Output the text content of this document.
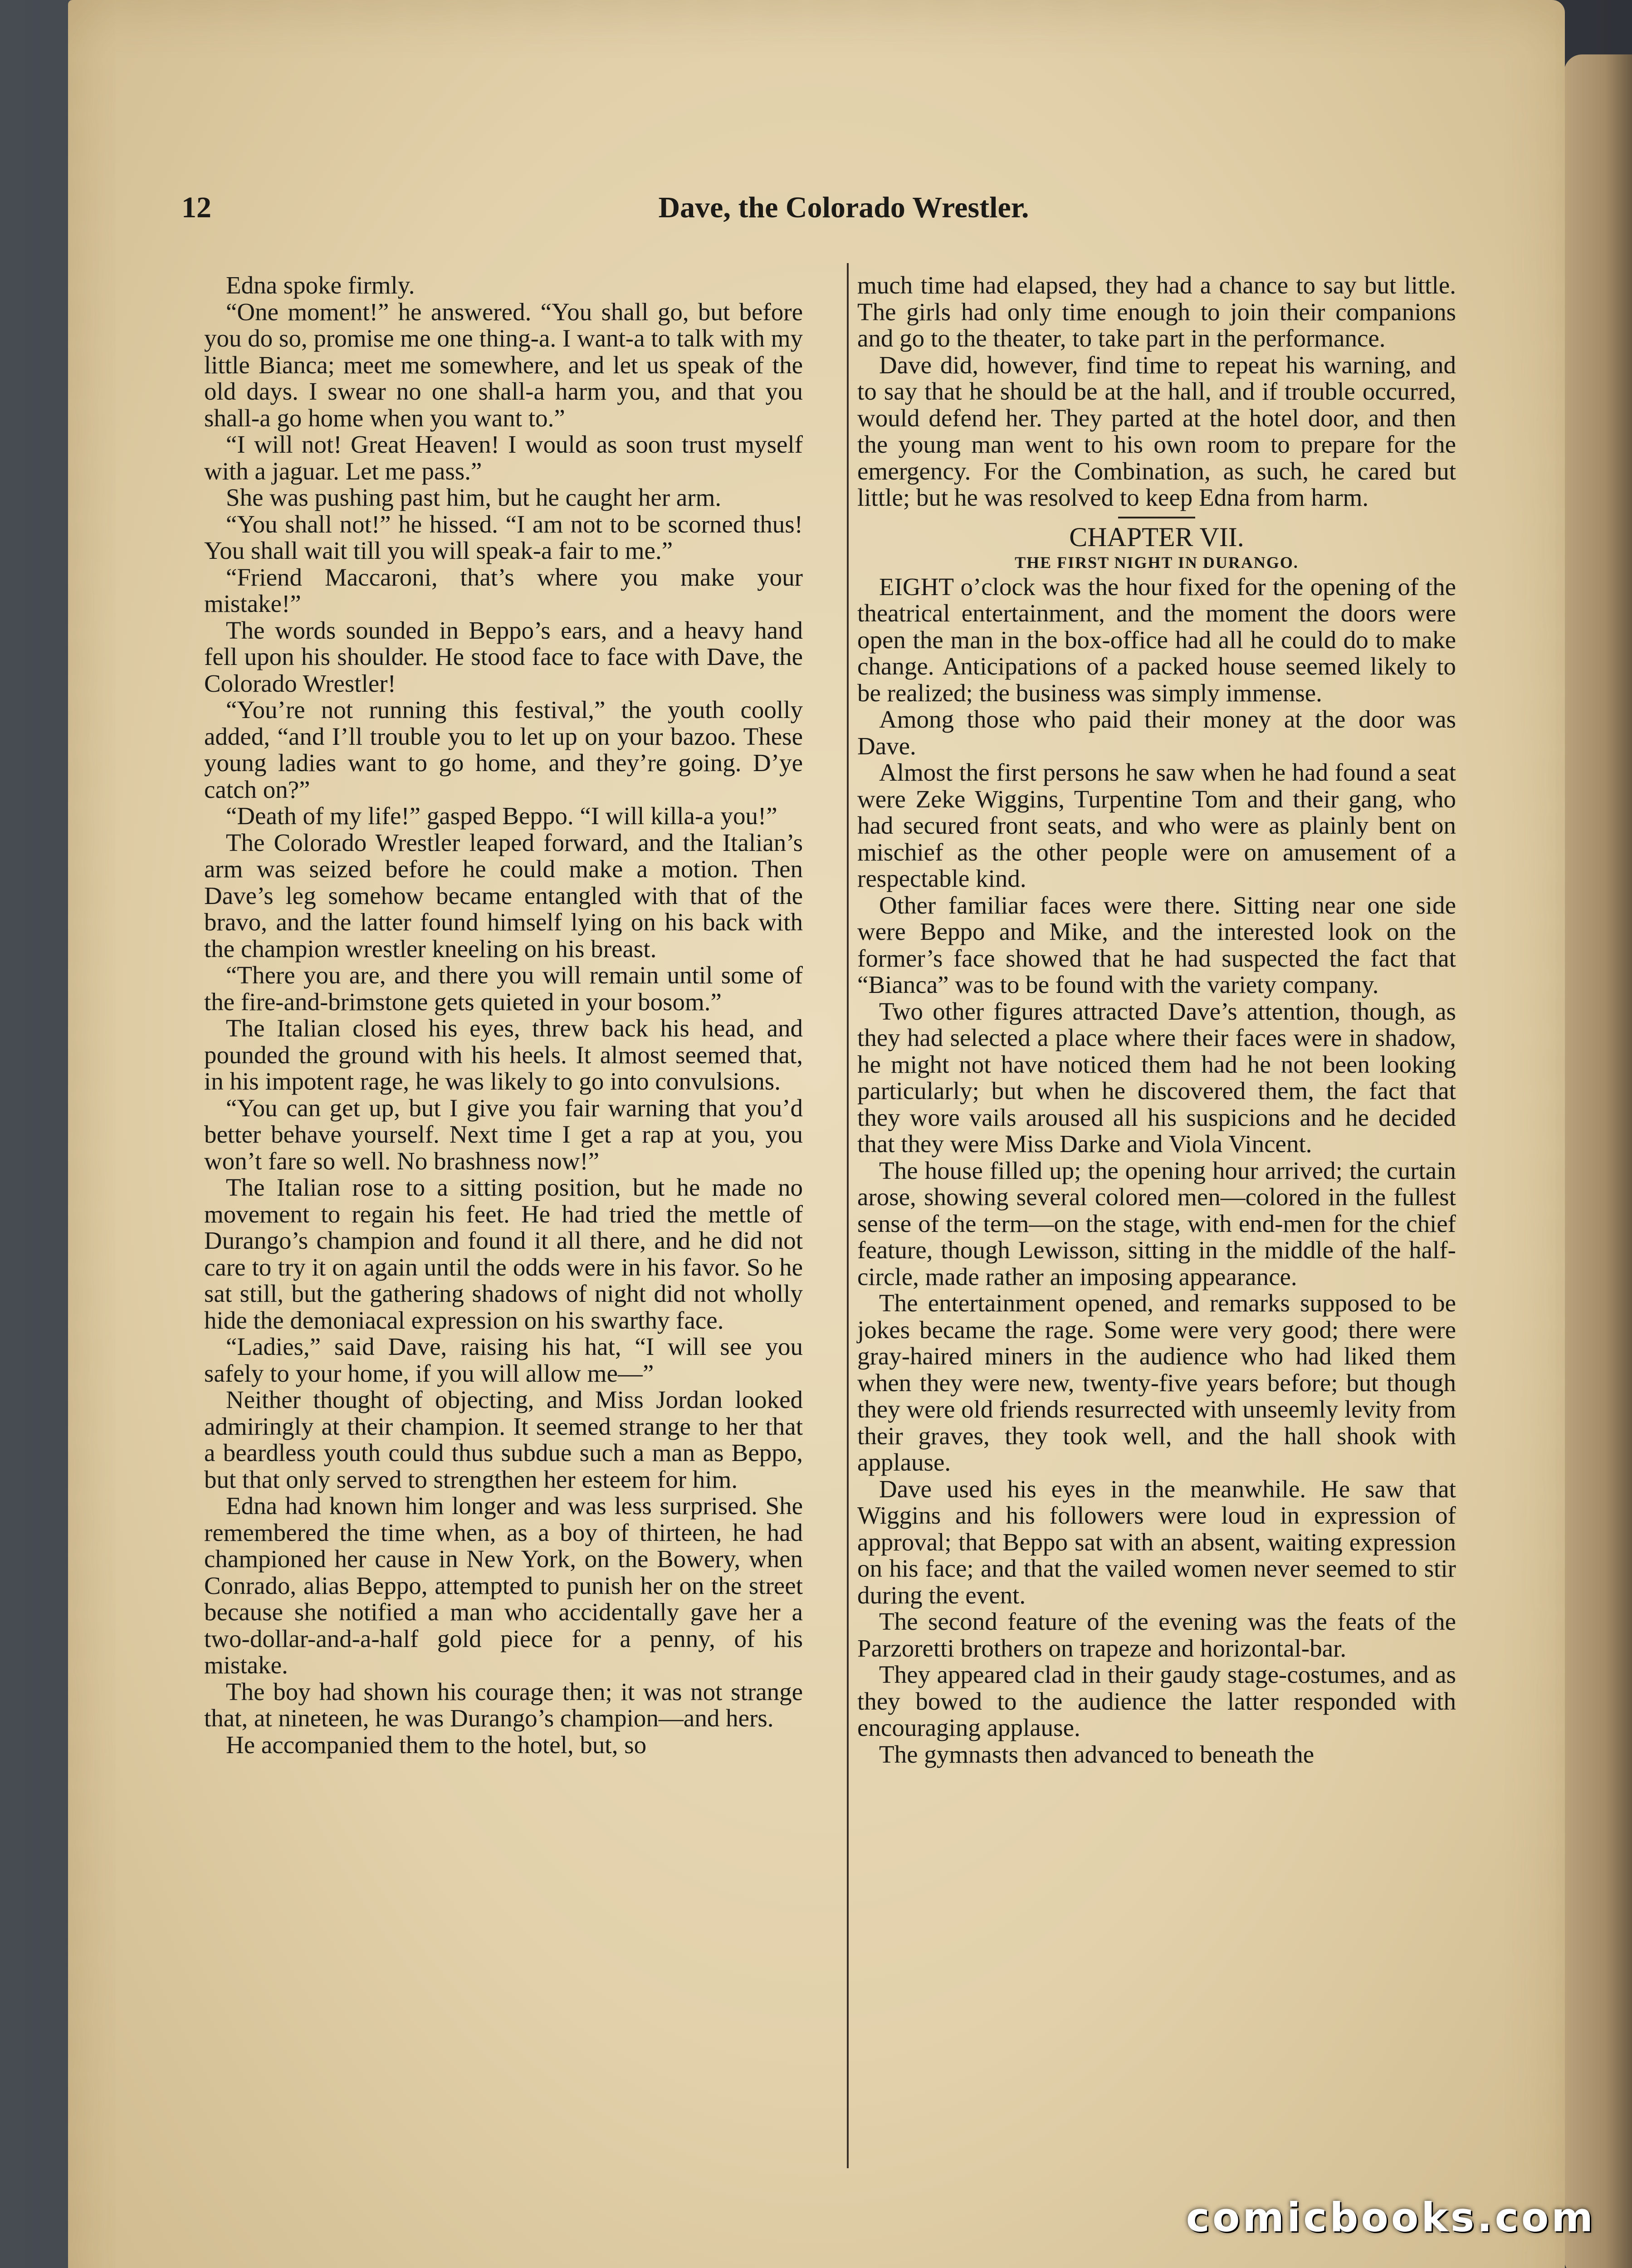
12	Dave, the Colorado Wrestler.

Edna spoke firmly.

“One moment!” he answered. “You shall go, but before you do so, promise me one thing-a. I want-a to talk with my little Bianca; meet me somewhere, and let us speak of the old days. I swear no one shall-a harm you, and that you shall-a go home when you want to.”

“I will not! Great Heaven! I would as soon trust myself with a jaguar. Let me pass.”

She was pushing past him, but he caught her arm.

“You shall not!” he hissed. “I am not to be scorned thus! You shall wait till you will speak-a fair to me.”

“Friend Maccaroni, that’s where you make your mistake!”

The words sounded in Beppo’s ears, and a heavy hand fell upon his shoulder. He stood face to face with Dave, the Colorado Wrestler!

“You’re not running this festival,” the youth coolly added, “and I’ll trouble you to let up on your bazoo. These young ladies want to go home, and they’re going. D’ye catch on?”

“Death of my life!” gasped Beppo. “I will killa-a you!”

The Colorado Wrestler leaped forward, and the Italian’s arm was seized before he could make a motion. Then Dave’s leg somehow became entangled with that of the bravo, and the latter found himself lying on his back with the champion wrestler kneeling on his breast.

“There you are, and there you will remain until some of the fire-and-brimstone gets quieted in your bosom.”

The Italian closed his eyes, threw back his head, and pounded the ground with his heels. It almost seemed that, in his impotent rage, he was likely to go into convulsions.

“You can get up, but I give you fair warning that you’d better behave yourself. Next time I get a rap at you, you won’t fare so well. No brashness now!”

The Italian rose to a sitting position, but he made no movement to regain his feet. He had tried the mettle of Durango’s champion and found it all there, and he did not care to try it on again until the odds were in his favor. So he sat still, but the gathering shadows of night did not wholly hide the demoniacal expression on his swarthy face.

“Ladies,” said Dave, raising his hat, “I will see you safely to your home, if you will allow me—”

Neither thought of objecting, and Miss Jordan looked admiringly at their champion. It seemed strange to her that a beardless youth could thus subdue such a man as Beppo, but that only served to strengthen her esteem for him.

Edna had known him longer and was less surprised. She remembered the time when, as a boy of thirteen, he had championed her cause in New York, on the Bowery, when Conrado, alias Beppo, attempted to punish her on the street because she notified a man who accidentally gave her a two-dollar-and-a-half gold piece for a penny, of his mistake.

The boy had shown his courage then; it was not strange that, at nineteen, he was Durango’s champion—and hers.

He accompanied them to the hotel, but, so

much time had elapsed, they had a chance to say but little. The girls had only time enough to join their companions and go to the theater, to take part in the performance.

Dave did, however, find time to repeat his warning, and to say that he should be at the hall, and if trouble occurred, would defend her. They parted at the hotel door, and then the young man went to his own room to prepare for the emergency. For the Combination, as such, he cared but little; but he was resolved to keep Edna from harm.

CHAPTER VII.
THE FIRST NIGHT IN DURANGO.

EIGHT o’clock was the hour fixed for the opening of the theatrical entertainment, and the moment the doors were open the man in the box-office had all he could do to make change. Anticipations of a packed house seemed likely to be realized; the business was simply immense.

Among those who paid their money at the door was Dave.

Almost the first persons he saw when he had found a seat were Zeke Wiggins, Turpentine Tom and their gang, who had secured front seats, and who were as plainly bent on mischief as the other people were on amusement of a respectable kind.

Other familiar faces were there. Sitting near one side were Beppo and Mike, and the interested look on the former’s face showed that he had suspected the fact that “Bianca” was to be found with the variety company.

Two other figures attracted Dave’s attention, though, as they had selected a place where their faces were in shadow, he might not have noticed them had he not been looking particularly; but when he discovered them, the fact that they wore vails aroused all his suspicions and he decided that they were Miss Darke and Viola Vincent.

The house filled up; the opening hour arrived; the curtain arose, showing several colored men—colored in the fullest sense of the term—on the stage, with end-men for the chief feature, though Lewisson, sitting in the middle of the half-circle, made rather an imposing appearance.

The entertainment opened, and remarks supposed to be jokes became the rage. Some were very good; there were gray-haired miners in the audience who had liked them when they were new, twenty-five years before; but though they were old friends resurrected with unseemly levity from their graves, they took well, and the hall shook with applause.

Dave used his eyes in the meanwhile. He saw that Wiggins and his followers were loud in expression of approval; that Beppo sat with an absent, waiting expression on his face; and that the vailed women never seemed to stir during the event.

The second feature of the evening was the feats of the Parzoretti brothers on trapeze and horizontal-bar.

They appeared clad in their gaudy stage-costumes, and as they bowed to the audience the latter responded with encouraging applause.

The gymnasts then advanced to beneath the

comicbooks.com
